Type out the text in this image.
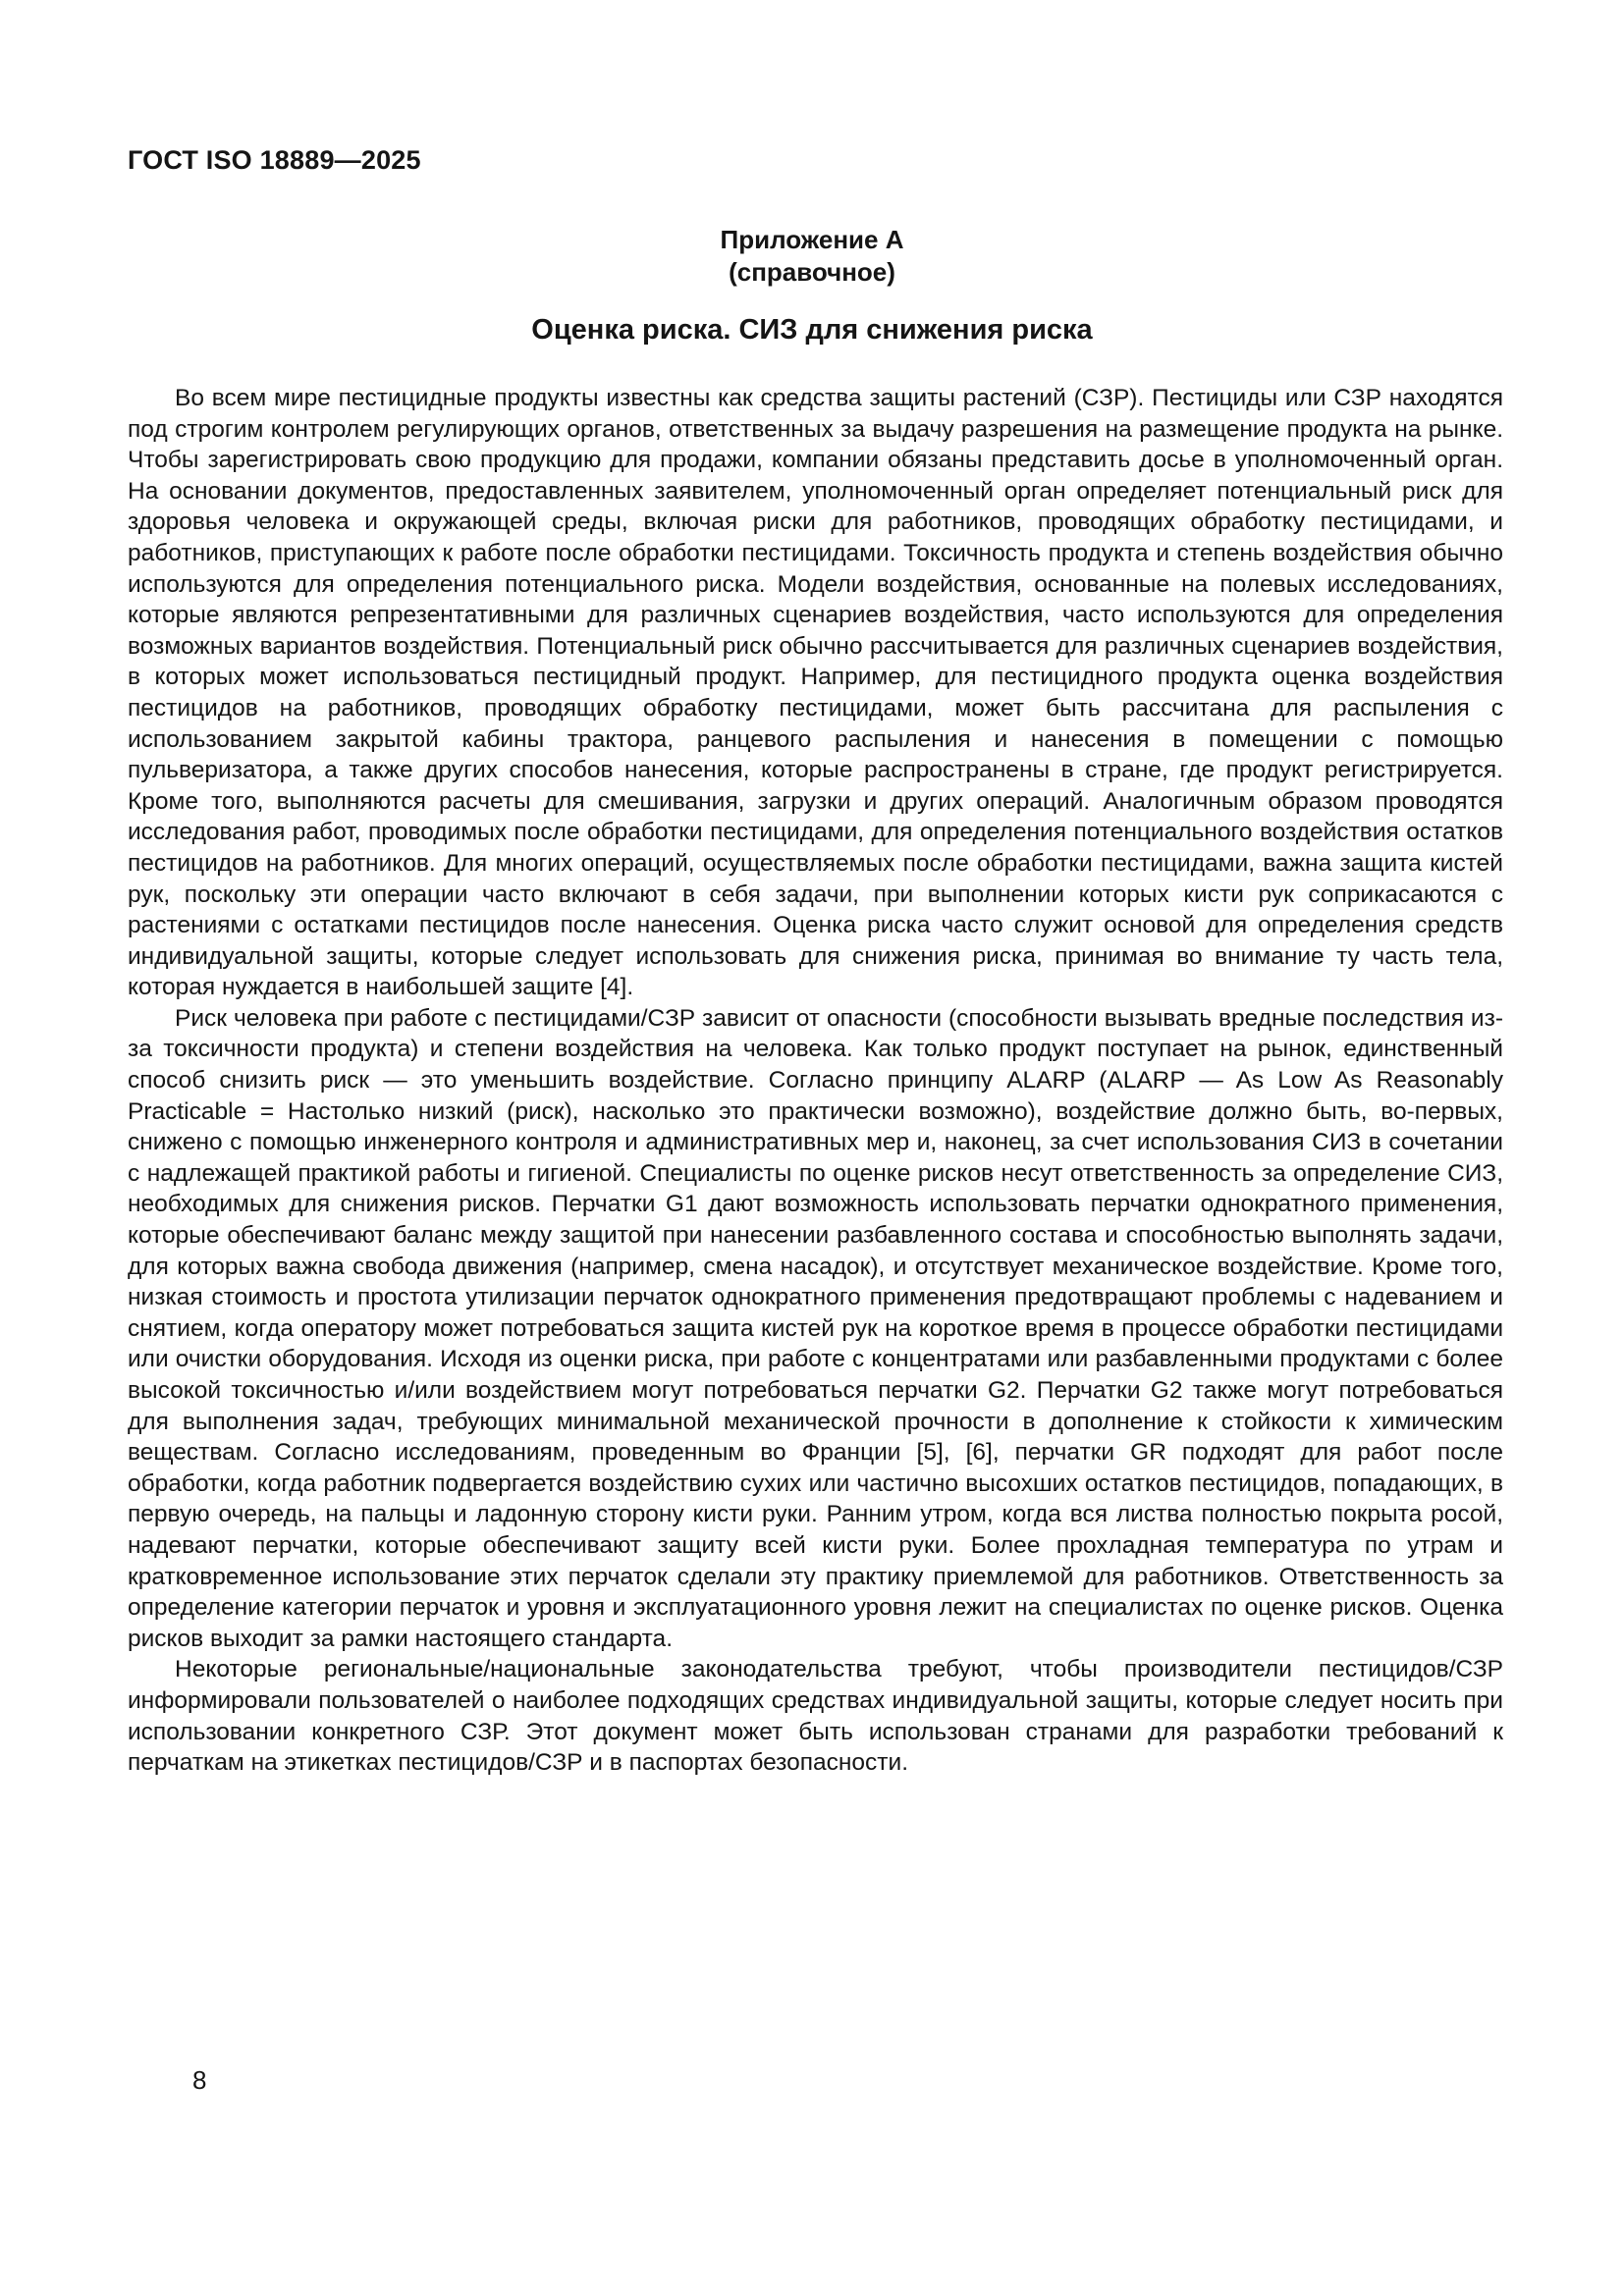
ГОСТ ISO 18889—2025
Приложение А
(справочное)
Оценка риска. СИЗ для снижения риска

Во всем мире пестицидные продукты известны как средства защиты растений (СЗР). Пестициды или СЗР находятся под строгим контролем регулирующих органов, ответственных за выдачу разрешения на размещение продукта на рынке. Чтобы зарегистрировать свою продукцию для продажи, компании обязаны представить досье в уполномоченный орган. На основании документов, предоставленных заявителем, уполномоченный орган определяет потенциальный риск для здоровья человека и окружающей среды, включая риски для работников, проводящих обработку пестицидами, и работников, приступающих к работе после обработки пестицидами. Токсичность продукта и степень воздействия обычно используются для определения потенциального риска. Модели воздействия, основанные на полевых исследованиях, которые являются репрезентативными для различных сценариев воздействия, часто используются для определения возможных вариантов воздействия. Потенциальный риск обычно рассчитывается для различных сценариев воздействия, в которых может использоваться пестицидный продукт. Например, для пестицидного продукта оценка воздействия пестицидов на работников, проводящих обработку пестицидами, может быть рассчитана для распыления с использованием закрытой кабины трактора, ранцевого распыления и нанесения в помещении с помощью пульверизатора, а также других способов нанесения, которые распространены в стране, где продукт регистрируется. Кроме того, выполняются расчеты для смешивания, загрузки и других операций. Аналогичным образом проводятся исследования работ, проводимых после обработки пестицидами, для определения потенциального воздействия остатков пестицидов на работников. Для многих операций, осуществляемых после обработки пестицидами, важна защита кистей рук, поскольку эти операции часто включают в себя задачи, при выполнении которых кисти рук соприкасаются с растениями с остатками пестицидов после нанесения. Оценка риска часто служит основой для определения средств индивидуальной защиты, которые следует использовать для снижения риска, принимая во внимание ту часть тела, которая нуждается в наибольшей защите [4].

Риск человека при работе с пестицидами/СЗР зависит от опасности (способности вызывать вредные последствия из-за токсичности продукта) и степени воздействия на человека. Как только продукт поступает на рынок, единственный способ снизить риск — это уменьшить воздействие. Согласно принципу ALARP (ALARP — As Low As Reasonably Practicable = Настолько низкий (риск), насколько это практически возможно), воздействие должно быть, во-первых, снижено с помощью инженерного контроля и административных мер и, наконец, за счет использования СИЗ в сочетании с надлежащей практикой работы и гигиеной. Специалисты по оценке рисков несут ответственность за определение СИЗ, необходимых для снижения рисков. Перчатки G1 дают возможность использовать перчатки однократного применения, которые обеспечивают баланс между защитой при нанесении разбавленного состава и способностью выполнять задачи, для которых важна свобода движения (например, смена насадок), и отсутствует механическое воздействие. Кроме того, низкая стоимость и простота утилизации перчаток однократного применения предотвращают проблемы с надеванием и снятием, когда оператору может потребоваться защита кистей рук на короткое время в процессе обработки пестицидами или очистки оборудования. Исходя из оценки риска, при работе с концентратами или разбавленными продуктами с более высокой токсичностью и/или воздействием могут потребоваться перчатки G2. Перчатки G2 также могут потребоваться для выполнения задач, требующих минимальной механической прочности в дополнение к стойкости к химическим веществам. Согласно исследованиям, проведенным во Франции [5], [6], перчатки GR подходят для работ после обработки, когда работник подвергается воздействию сухих или частично высохших остатков пестицидов, попадающих, в первую очередь, на пальцы и ладонную сторону кисти руки. Ранним утром, когда вся листва полностью покрыта росой, надевают перчатки, которые обеспечивают защиту всей кисти руки. Более прохладная температура по утрам и кратковременное использование этих перчаток сделали эту практику приемлемой для работников. Ответственность за определение категории перчаток и уровня и эксплуатационного уровня лежит на специалистах по оценке рисков. Оценка рисков выходит за рамки настоящего стандарта.

Некоторые региональные/национальные законодательства требуют, чтобы производители пестицидов/СЗР информировали пользователей о наиболее подходящих средствах индивидуальной защиты, которые следует носить при использовании конкретного СЗР. Этот документ может быть использован странами для разработки требований к перчаткам на этикетках пестицидов/СЗР и в паспортах безопасности.

8
